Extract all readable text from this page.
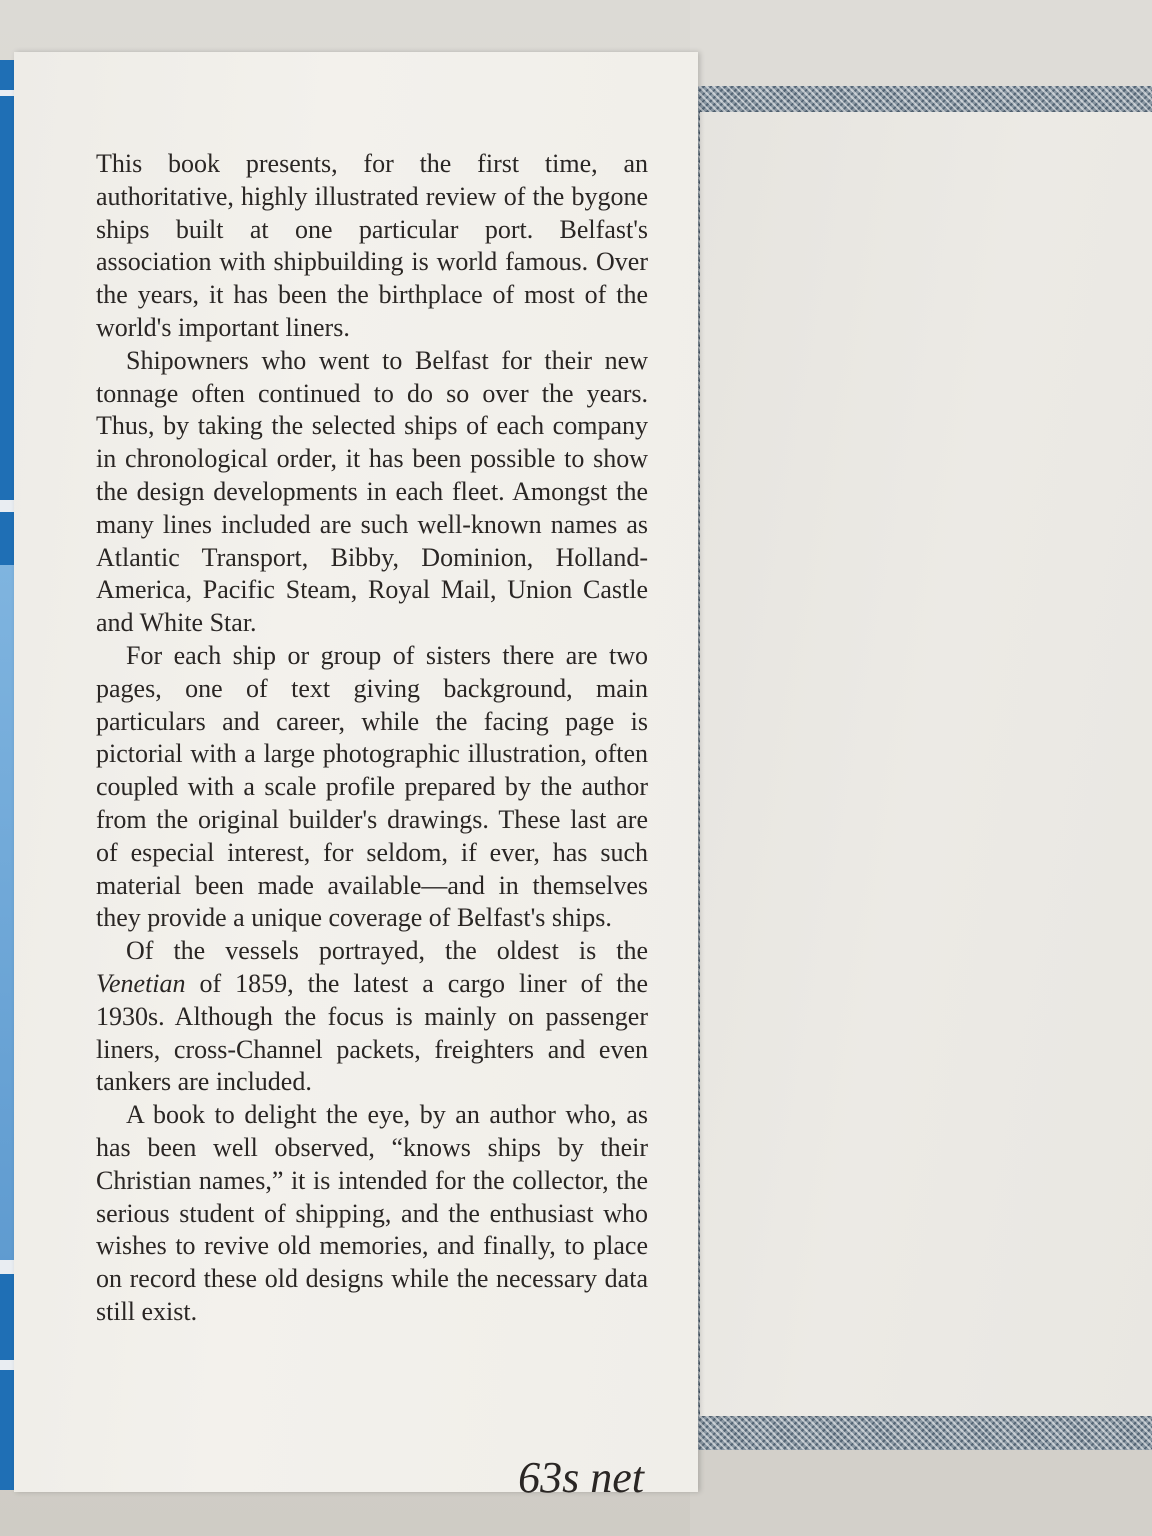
This book presents, for the first time, an authoritative, highly illustrated review of the bygone ships built at one particular port. Belfast's association with shipbuilding is world famous. Over the years, it has been the birthplace of most of the world's important liners.

Shipowners who went to Belfast for their new tonnage often continued to do so over the years. Thus, by taking the selected ships of each company in chronological order, it has been possible to show the design developments in each fleet. Amongst the many lines included are such well-known names as Atlantic Transport, Bibby, Dominion, Holland-America, Pacific Steam, Royal Mail, Union Castle and White Star.

For each ship or group of sisters there are two pages, one of text giving background, main particulars and career, while the facing page is pictorial with a large photographic illustration, often coupled with a scale profile prepared by the author from the original builder's drawings. These last are of especial interest, for seldom, if ever, has such material been made available—and in themselves they provide a unique coverage of Belfast's ships.

Of the vessels portrayed, the oldest is the Venetian of 1859, the latest a cargo liner of the 1930s. Although the focus is mainly on passenger liners, cross-Channel packets, freighters and even tankers are included.

A book to delight the eye, by an author who, as has been well observed, “knows ships by their Christian names,” it is intended for the collector, the serious student of shipping, and the enthusiast who wishes to revive old memories, and finally, to place on record these old designs while the necessary data still exist.

63s net
